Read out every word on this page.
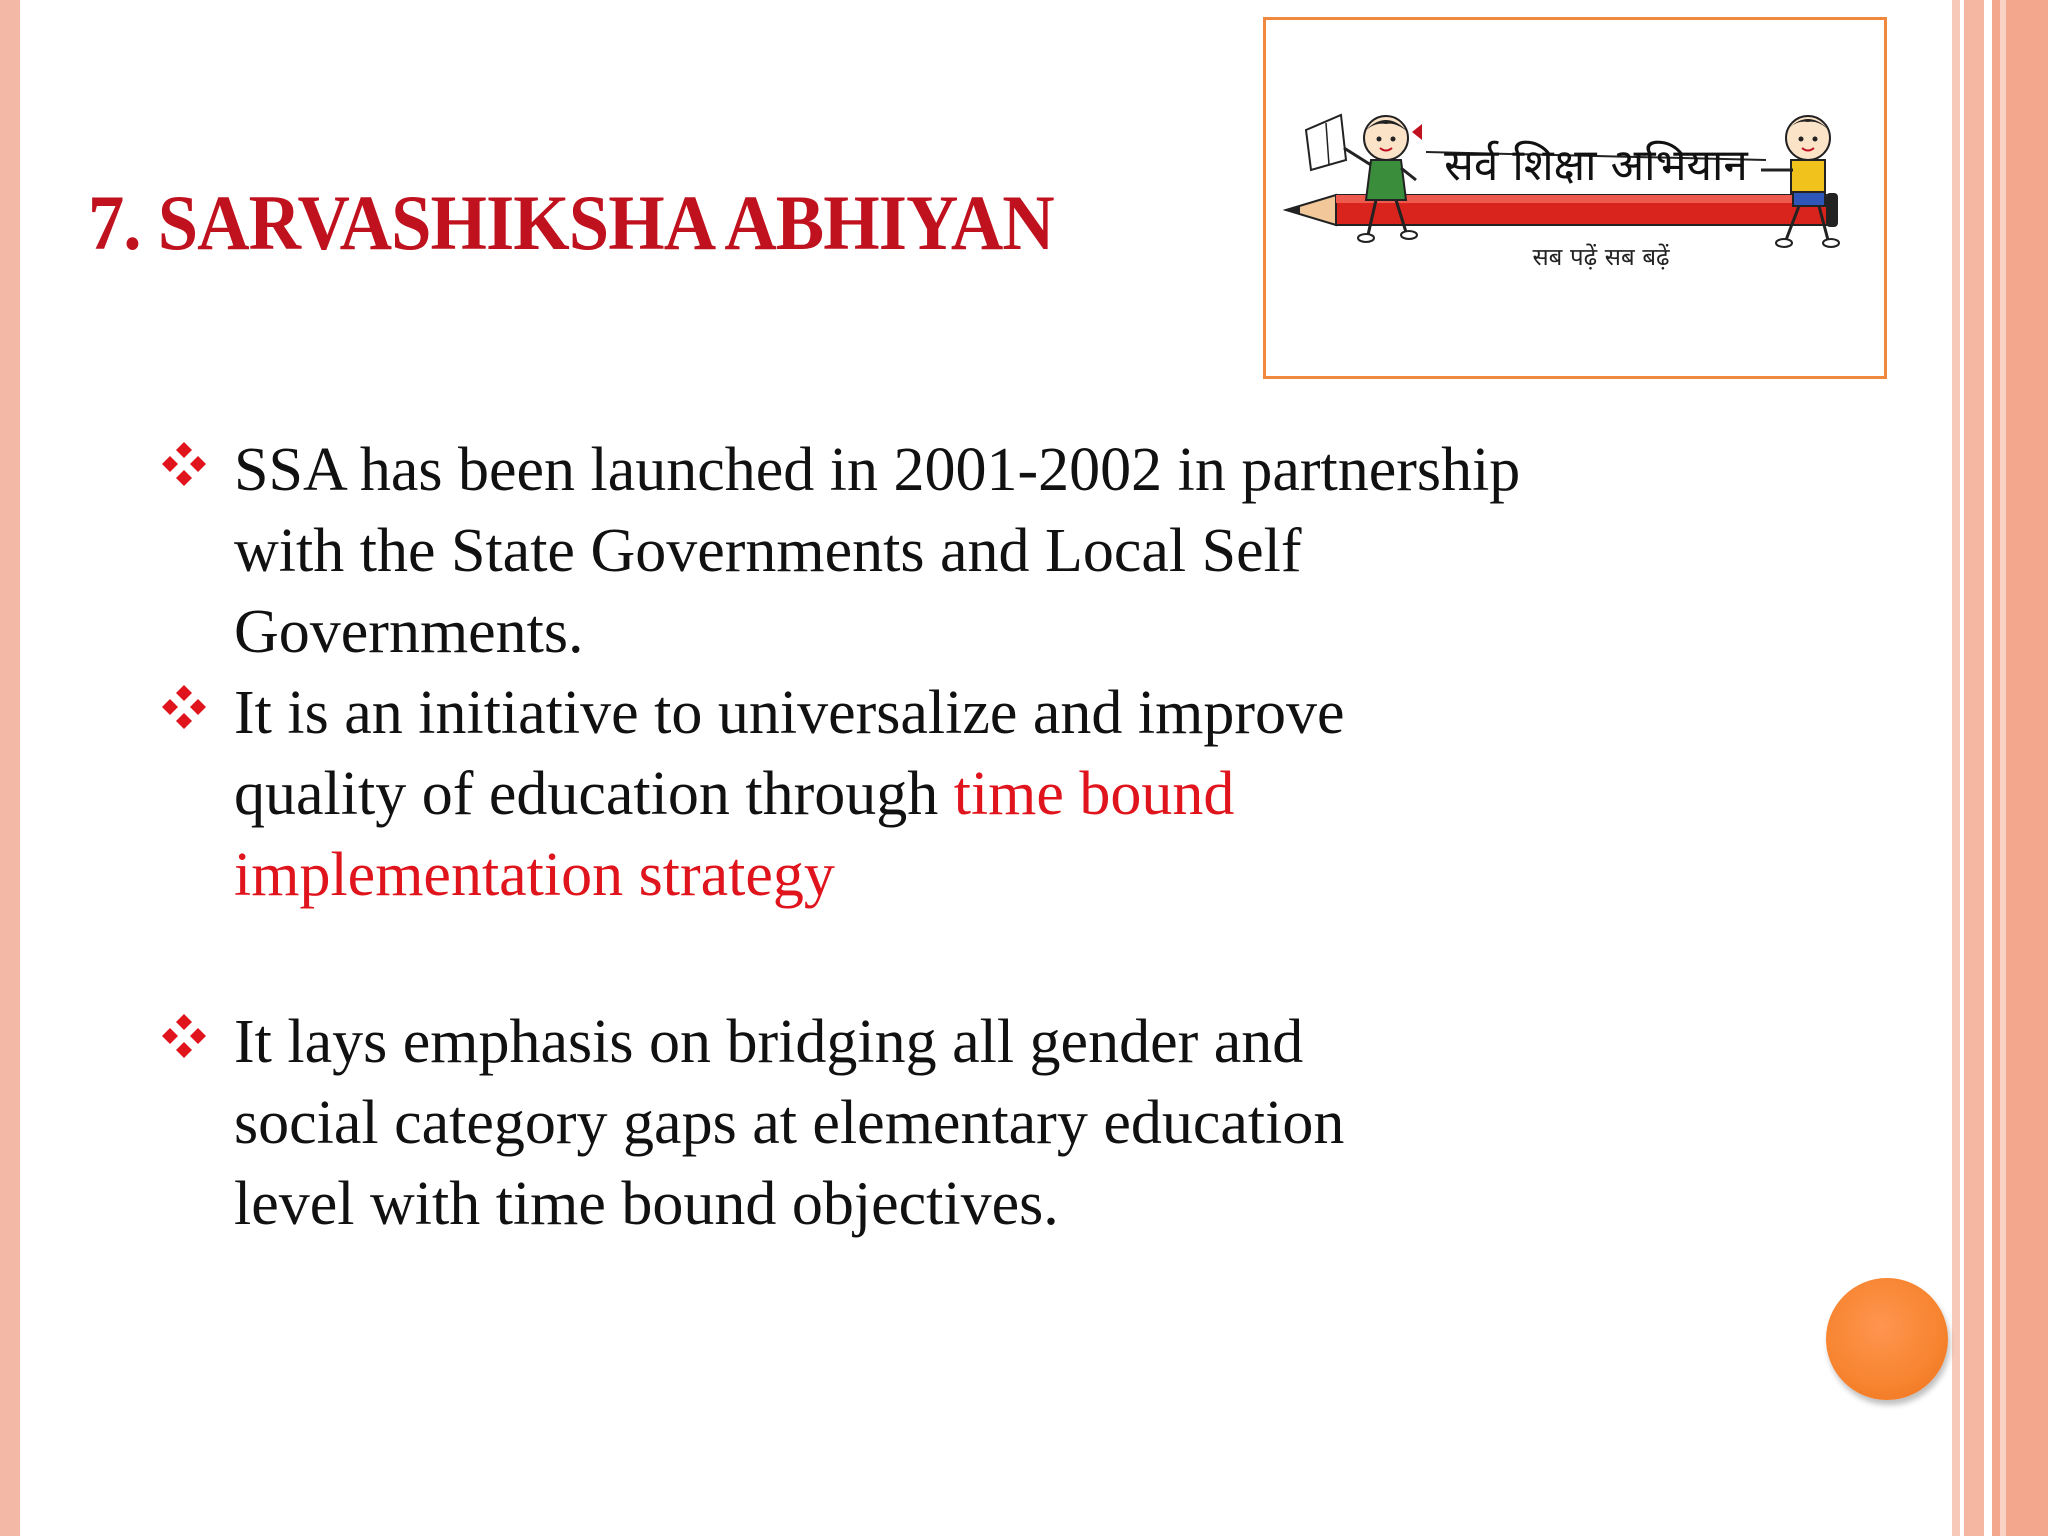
7. SARVASHIKSHA ABHIYAN
सर्व शिक्षा अभियान
सब पढ़ें सब बढ़ें
SSA has been launched in 2001-2002 in partnership
with the State Governments and Local Self
Governments.
It is an initiative to universalize and improve
quality of education through time bound
implementation strategy
It lays emphasis on bridging all gender and
social category gaps at elementary education
level with time bound objectives.
